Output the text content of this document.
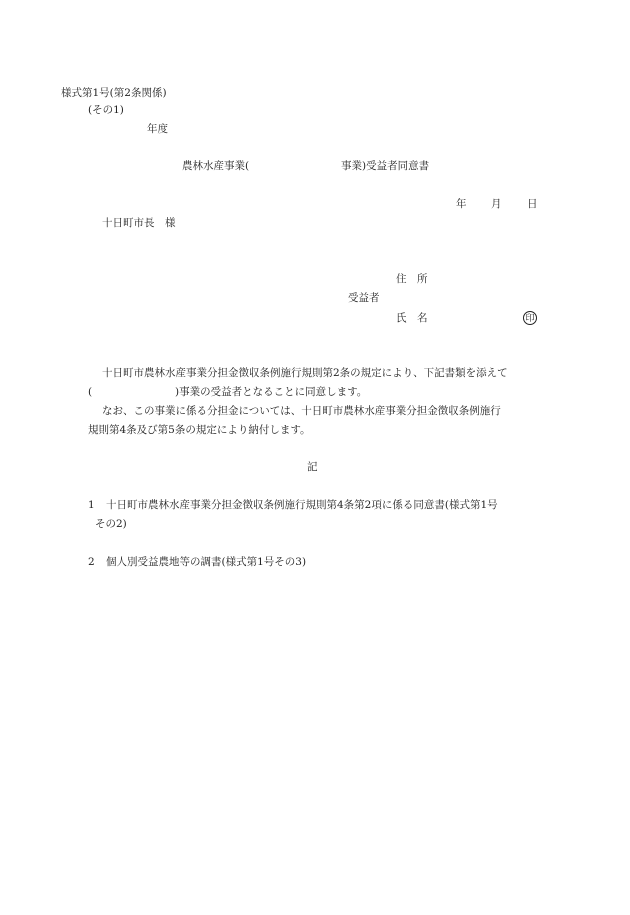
様式第1号(第2条関係)
(その1)
年度
農林水産事業(	事業)受益者同意書
年 月 日
十日町市長　様
住　所
受益者
氏　名	印
十日町市農林水産事業分担金徴収条例施行規則第2条の規定により、下記書類を添えて
(	)事業の受益者となることに同意します。
なお、この事業に係る分担金については、十日町市農林水産事業分担金徴収条例施行
規則第4条及び第5条の規定により納付します。
記
1 十日町市農林水産事業分担金徴収条例施行規則第4条第2項に係る同意書(様式第1号
その2)
2 個人別受益農地等の調書(様式第1号その3)
